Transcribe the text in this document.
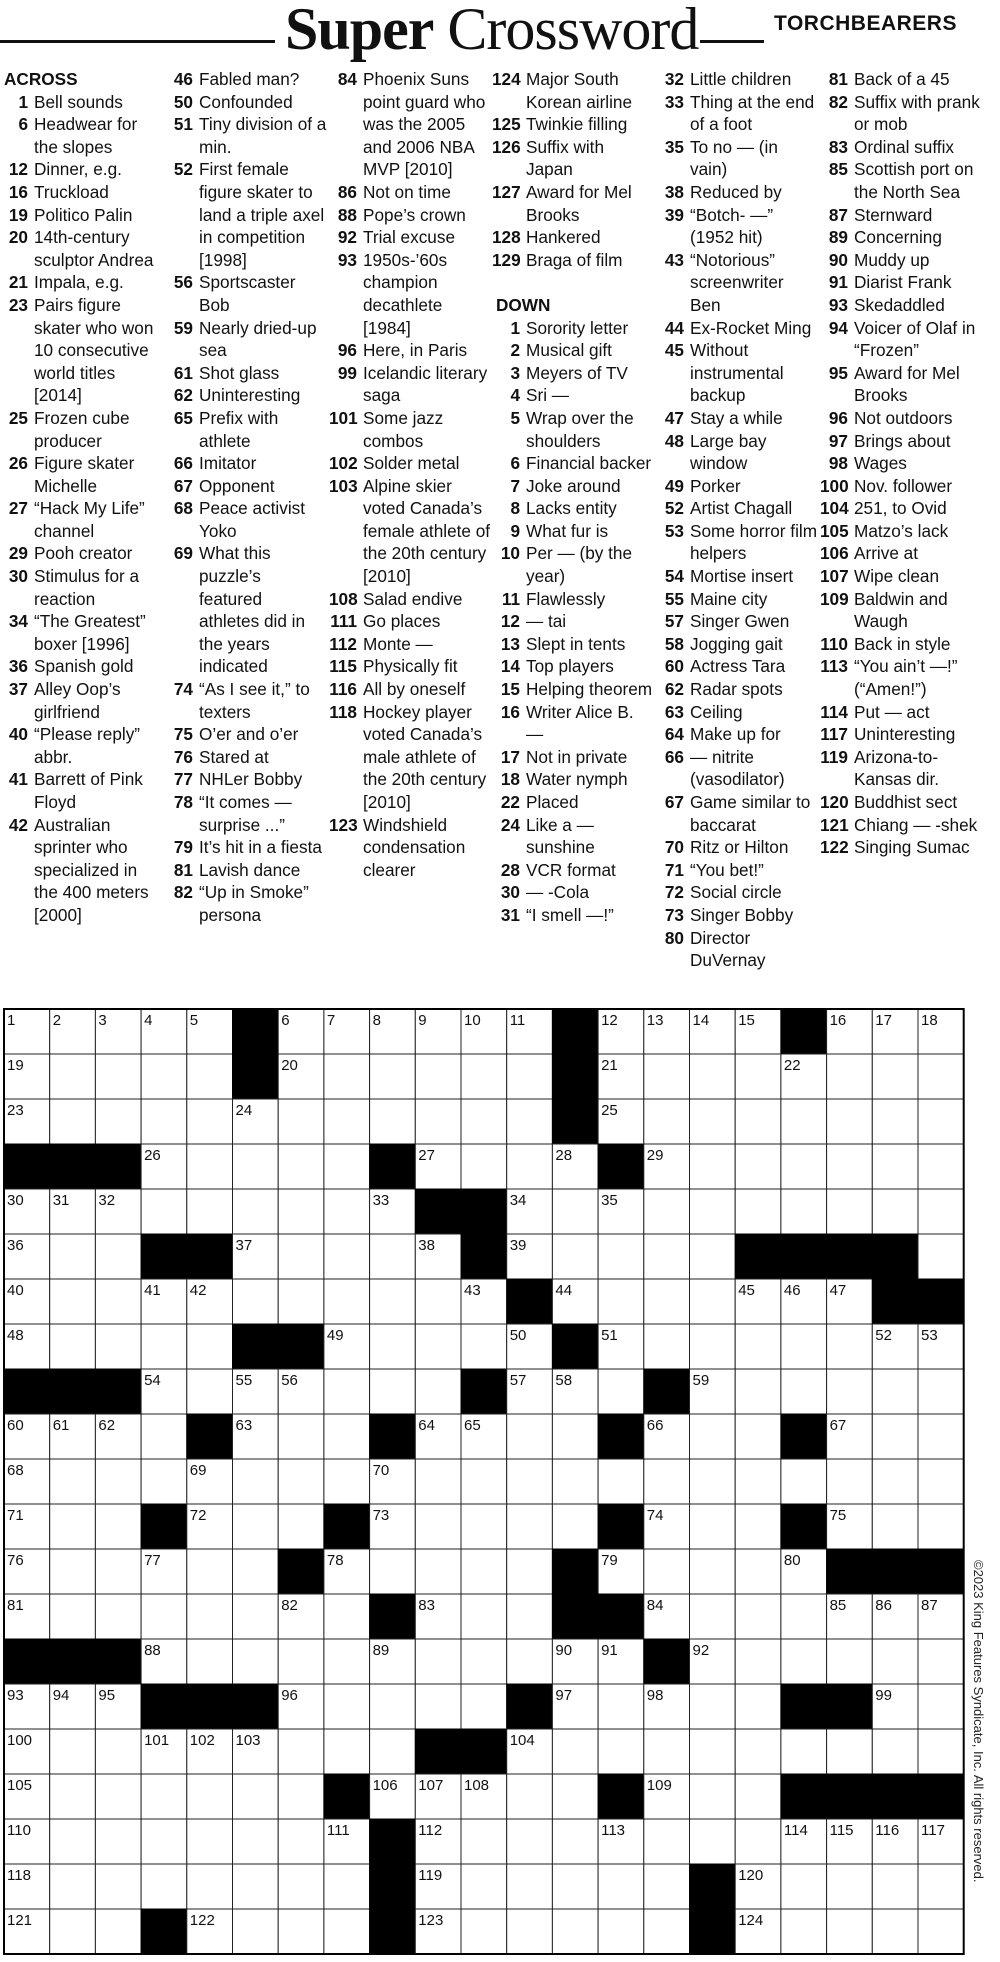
Super Crossword	TORCHBEARERS
ACROSS
1 Bell sounds
6 Headwear for the slopes
12 Dinner, e.g.
16 Truckload
19 Politico Palin
20 14th-century sculptor Andrea
21 Impala, e.g.
23 Pairs figure skater who won 10 consecutive world titles [2014]
25 Frozen cube producer
26 Figure skater Michelle
27 “Hack My Life” channel
29 Pooh creator
30 Stimulus for a reaction
34 “The Greatest” boxer [1996]
36 Spanish gold
37 Alley Oop’s girlfriend
40 “Please reply” abbr.
41 Barrett of Pink Floyd
42 Australian sprinter who specialized in the 400 meters [2000]
46 Fabled man?
50 Confounded
51 Tiny division of a min.
52 First female figure skater to land a triple axel in competition [1998]
56 Sportscaster Bob
59 Nearly dried-up sea
61 Shot glass
62 Uninteresting
65 Prefix with athlete
66 Imitator
67 Opponent
68 Peace activist Yoko
69 What this puzzle’s featured athletes did in the years indicated
74 “As I see it,” to texters
75 O’er and o’er
76 Stared at
77 NHLer Bobby
78 “It comes — surprise ...”
79 It’s hit in a fiesta
81 Lavish dance
82 “Up in Smoke” persona
84 Phoenix Suns point guard who was the 2005 and 2006 NBA MVP [2010]
86 Not on time
88 Pope’s crown
92 Trial excuse
93 1950s-’60s champion decathlete [1984]
96 Here, in Paris
99 Icelandic literary saga
101 Some jazz combos
102 Solder metal
103 Alpine skier voted Canada’s female athlete of the 20th century [2010]
108 Salad endive
111 Go places
112 Monte —
115 Physically fit
116 All by oneself
118 Hockey player voted Canada’s male athlete of the 20th century [2010]
123 Windshield condensation clearer
124 Major South Korean airline
125 Twinkie filling
126 Suffix with Japan
127 Award for Mel Brooks
128 Hankered
129 Braga of film
DOWN
1 Sorority letter
2 Musical gift
3 Meyers of TV
4 Sri —
5 Wrap over the shoulders
6 Financial backer
7 Joke around
8 Lacks entity
9 What fur is
10 Per — (by the year)
11 Flawlessly
12 — tai
13 Slept in tents
14 Top players
15 Helping theorem
16 Writer Alice B. —
17 Not in private
18 Water nymph
22 Placed
24 Like a — sunshine
28 VCR format
30 — -Cola
31 “I smell —!”
32 Little children
33 Thing at the end of a foot
35 To no — (in vain)
38 Reduced by
39 “Botch- —” (1952 hit)
43 “Notorious” screenwriter Ben
44 Ex-Rocket Ming
45 Without instrumental backup
47 Stay a while
48 Large bay window
49 Porker
52 Artist Chagall
53 Some horror film helpers
54 Mortise insert
55 Maine city
57 Singer Gwen
58 Jogging gait
60 Actress Tara
62 Radar spots
63 Ceiling
64 Make up for
66 — nitrite (vasodilator)
67 Game similar to baccarat
70 Ritz or Hilton
71 “You bet!”
72 Social circle
73 Singer Bobby
80 Director DuVernay
81 Back of a 45
82 Suffix with prank or mob
83 Ordinal suffix
85 Scottish port on the North Sea
87 Sternward
89 Concerning
90 Muddy up
91 Diarist Frank
93 Skedaddled
94 Voicer of Olaf in “Frozen”
95 Award for Mel Brooks
96 Not outdoors
97 Brings about
98 Wages
100 Nov. follower
104 251, to Ovid
105 Matzo’s lack
106 Arrive at
107 Wipe clean
109 Baldwin and Waugh
110 Back in style
113 “You ain’t —!” (“Amen!”)
114 Put — act
117 Uninteresting
119 Arizona-to-Kansas dir.
120 Buddhist sect
121 Chiang — -shek
122 Singing Sumac
1 2 3 4 5	6 7 8 9 10 11	12 13 14 15	16 17 18
19	20	21	22
23	24	25
26	27	28	29
30 31 32	33	34	35
36	37	38	39
40	41 42	43	44	45 46 47
48	49	50	51	52 53
54	55 56	57 58	59
60 61 62	63	64 65	66	67
68	69	70
71	72	73	74	75
76	77	78	79	80
81	82	83	84	85 86 87
88	89	90 91	92
93 94 95	96	97	98	99
100	101 102 103	104
105	106 107 108	109
110	111	112	113	114 115 116 117
118	119	120
121	122	123	124
©2023 King Features Syndicate, Inc. All rights reserved.
